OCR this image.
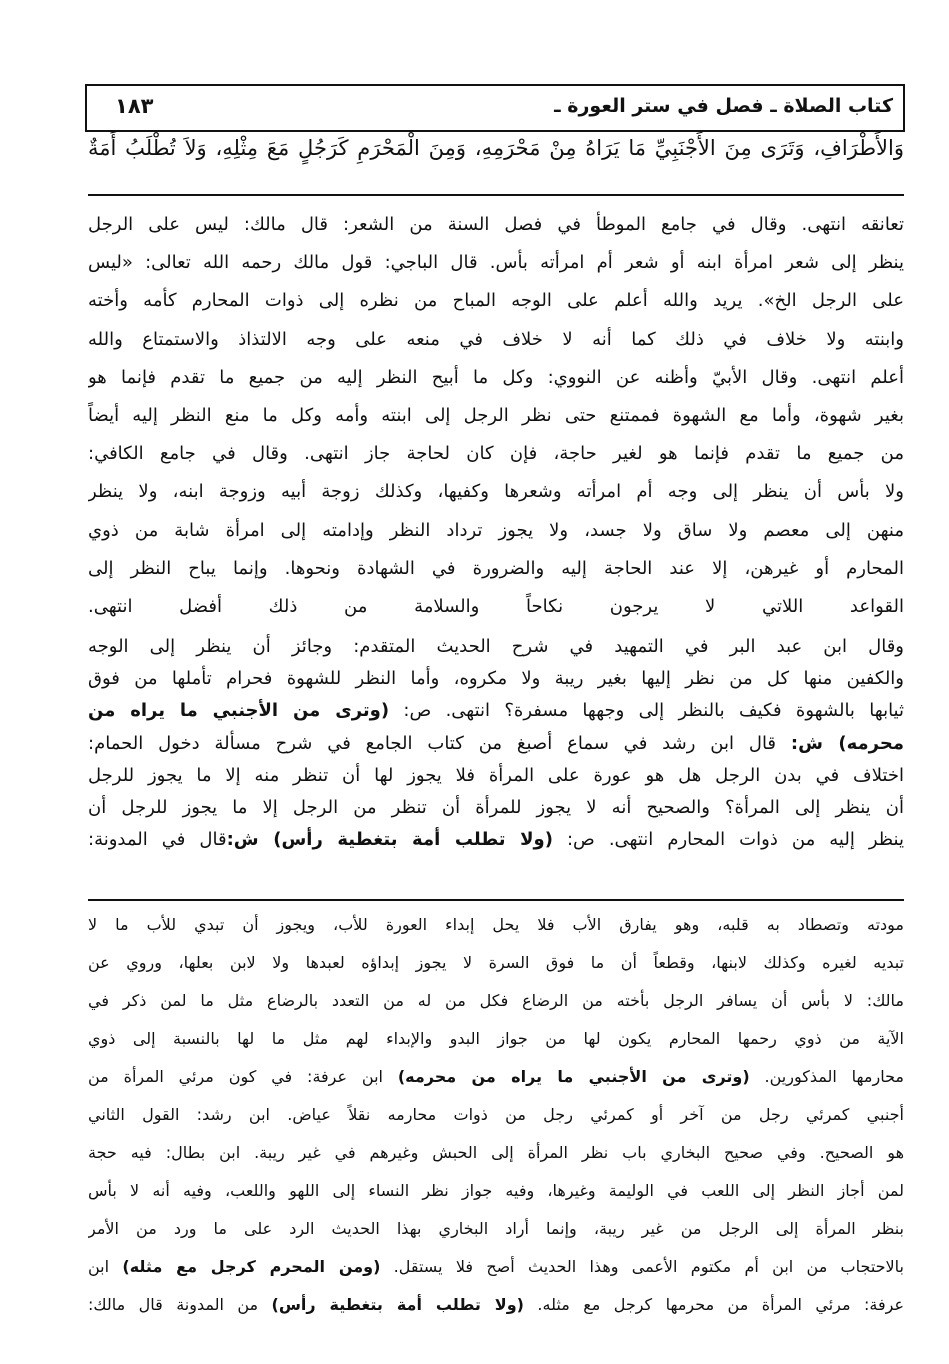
كتاب الصلاة ـ فصل في ستر العورة ـ
١٨٣
وَالأَطْرَافِ، وَتَرَى مِنَ الأَجْنَبِيِّ مَا يَرَاهُ مِنْ مَحْرَمِهِ، وَمِنَ الْمَحْرَمِ كَرَجُلٍ مَعَ مِثْلِهِ، وَلاَ تُطْلَبُ أَمَةٌ
تعانقه انتهى. وقال في جامع الموطأ في فصل السنة من الشعر: قال مالك: ليس على الرجل
ينظر إلى شعر امرأة ابنه أو شعر أم امرأته بأس. قال الباجي: قول مالك رحمه الله تعالى: «ليس
على الرجل الخ». يريد والله أعلم على الوجه المباح من نظره إلى ذوات المحارم كأمه وأخته
وابنته ولا خلاف في ذلك كما أنه لا خلاف في منعه على وجه الالتذاذ والاستمتاع والله
أعلم انتهى. وقال الأبيّ وأظنه عن النووي: وكل ما أبيح النظر إليه من جميع ما تقدم فإنما هو
بغير شهوة، وأما مع الشهوة فممتنع حتى نظر الرجل إلى ابنته وأمه وكل ما منع النظر إليه أيضاً
من جميع ما تقدم فإنما هو لغير حاجة، فإن كان لحاجة جاز انتهى. وقال في جامع الكافي:
ولا بأس أن ينظر إلى وجه أم امرأته وشعرها وكفيها، وكذلك زوجة أبيه وزوجة ابنه، ولا ينظر
منهن إلى معصم ولا ساق ولا جسد، ولا يجوز ترداد النظر وإدامته إلى امرأة شابة من ذوي
المحارم أو غيرهن، إلا عند الحاجة إليه والضرورة في الشهادة ونحوها. وإنما يباح النظر إلى
القواعد اللاتي لا يرجون نكاحاً والسلامة من ذلك أفضل انتهى.
وقال ابن عبد البر في التمهيد في شرح الحديث المتقدم: وجائز أن ينظر إلى الوجه
والكفين منها كل من نظر إليها بغير ريبة ولا مكروه، وأما النظر للشهوة فحرام تأملها من فوق
ثيابها بالشهوة فكيف بالنظر إلى وجهها مسفرة؟ انتهى. ص: (وترى من الأجنبي ما يراه من
محرمه) ش: قال ابن رشد في سماع أصبغ من كتاب الجامع في شرح مسألة دخول الحمام:
اختلاف في بدن الرجل هل هو عورة على المرأة فلا يجوز لها أن تنظر منه إلا ما يجوز للرجل
أن ينظر إلى المرأة؟ والصحيح أنه لا يجوز للمرأة أن تنظر من الرجل إلا ما يجوز للرجل أن
ينظر إليه من ذوات المحارم انتهى. ص: (ولا تطلب أمة بتغطية رأس) ش:قال في المدونة:
مودته وتصطاد به قلبه، وهو يفارق الأب فلا يحل إبداء العورة للأب، ويجوز أن تبدي للأب ما لا
تبديه لغيره وكذلك لابنها، وقطعاً أن ما فوق السرة لا يجوز إبداؤه لعبدها ولا لابن بعلها، وروي عن
مالك: لا بأس أن يسافر الرجل بأخته من الرضاع فكل من له من التعدد بالرضاع مثل ما لمن ذكر في
الآية من ذوي رحمها المحارم يكون لها من جواز البدو والإبداء لهم مثل ما لها بالنسبة إلى ذوي
محارمها المذكورين. (وترى من الأجنبي ما يراه من محرمه) ابن عرفة: في كون مرئي المرأة من
أجنبي كمرئي رجل من آخر أو كمرئي رجل من ذوات محارمه نقلاً عياض. ابن رشد: القول الثاني
هو الصحيح. وفي صحيح البخاري باب نظر المرأة إلى الحبش وغيرهم في غير ريبة. ابن بطال: فيه حجة
لمن أجاز النظر إلى اللعب في الوليمة وغيرها، وفيه جواز نظر النساء إلى اللهو واللعب، وفيه أنه لا بأس
بنظر المرأة إلى الرجل من غير ريبة، وإنما أراد البخاري بهذا الحديث الرد على ما ورد من الأمر
بالاحتجاب من ابن أم مكتوم الأعمى وهذا الحديث أصح فلا يستقل. (ومن المحرم كرجل مع مثله) ابن
عرفة: مرئي المرأة من محرمها كرجل مع مثله. (ولا تطلب أمة بتغطية رأس) من المدونة قال مالك:
